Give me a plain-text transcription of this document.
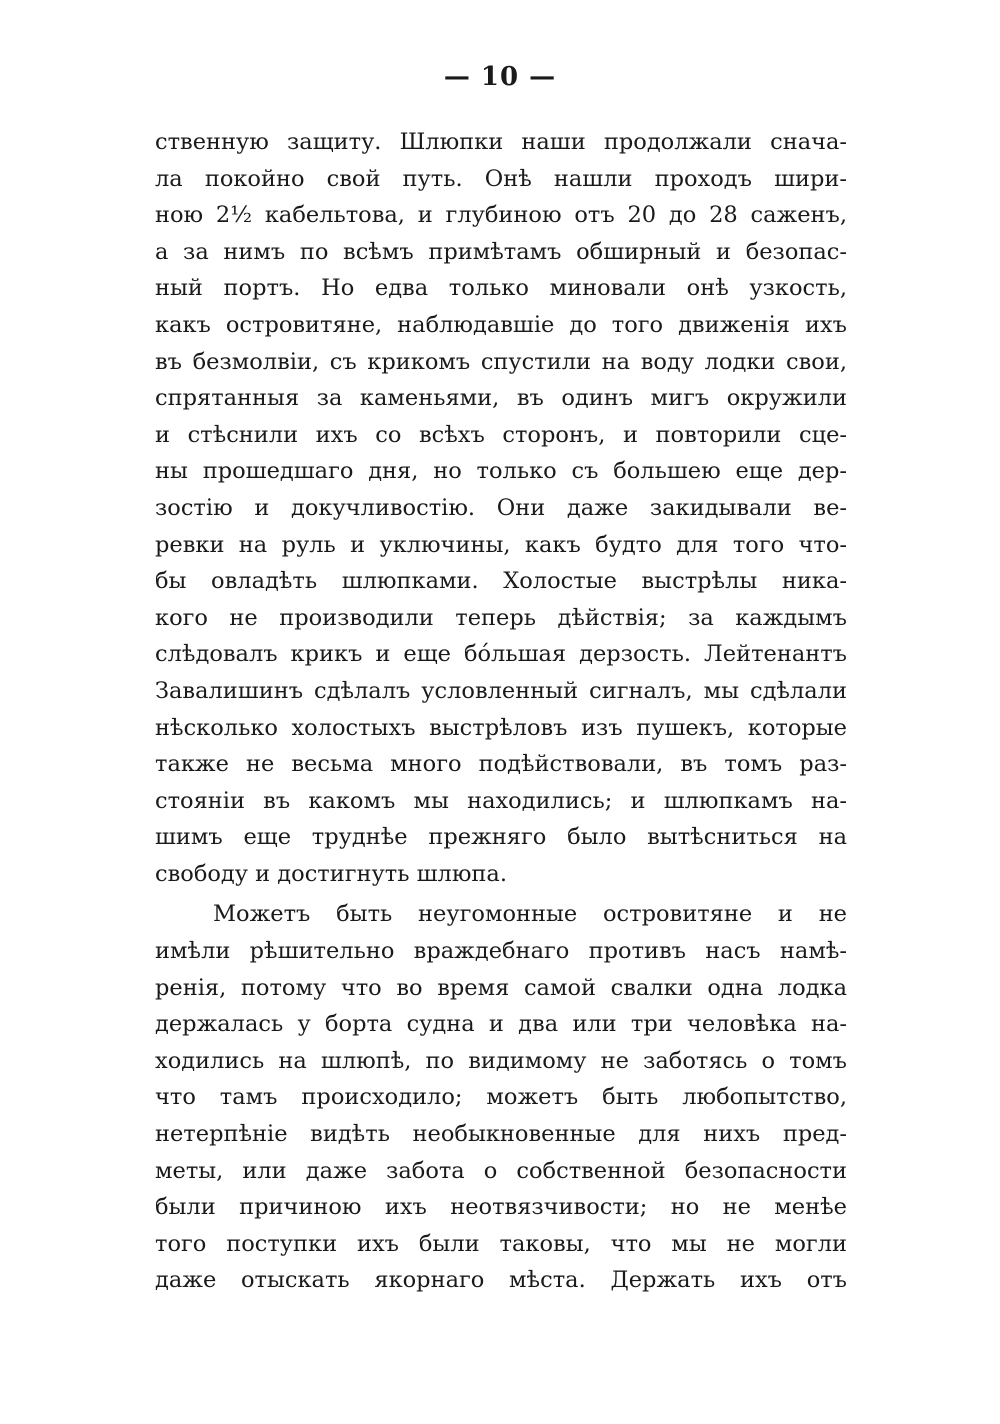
— 10 —
ственную защиту. Шлюпки наши продолжали снача-
ла покойно свой путь. Онѣ нашли проходъ шири-
ною 2½ кабельтова, и глубиною отъ 20 до 28 саженъ,
а за нимъ по всѣмъ примѣтамъ обширный и безопас-
ный портъ. Но едва только миновали онѣ узкость,
какъ островитяне, наблюдавшіе до того движенія ихъ
въ безмолвіи, съ крикомъ спустили на воду лодки свои,
спрятанныя за каменьями, въ одинъ мигъ окружили
и стѣснили ихъ со всѣхъ сторонъ, и повторили сце-
ны прошедшаго дня, но только съ большею еще дер-
зостію и докучливостію. Они даже закидывали ве-
ревки на руль и уключины, какъ будто для того что-
бы овладѣть шлюпками. Холостые выстрѣлы ника-
кого не производили теперь дѣйствія; за каждымъ
слѣдовалъ крикъ и еще бо́льшая дерзость. Лейтенантъ
Завалишинъ сдѣлалъ условленный сигналъ, мы сдѣлали
нѣсколько холостыхъ выстрѣловъ изъ пушекъ, которые
также не весьма много подѣйствовали, въ томъ раз-
стояніи въ какомъ мы находились; и шлюпкамъ на-
шимъ еще труднѣе прежняго было вытѣсниться на
свободу и достигнуть шлюпа.
Можетъ быть неугомонные островитяне и не
имѣли рѣшительно враждебнаго противъ насъ намѣ-
ренія, потому что во время самой свалки одна лодка
держалась у борта судна и два или три человѣка на-
ходились на шлюпѣ, по видимому не заботясь о томъ
что тамъ происходило; можетъ быть любопытство,
нетерпѣніе видѣть необыкновенные для нихъ пред-
меты, или даже забота о собственной безопасности
были причиною ихъ неотвязчивости; но не менѣе
того поступки ихъ были таковы, что мы не могли
даже отыскать якорнаго мѣста. Держать ихъ отъ
